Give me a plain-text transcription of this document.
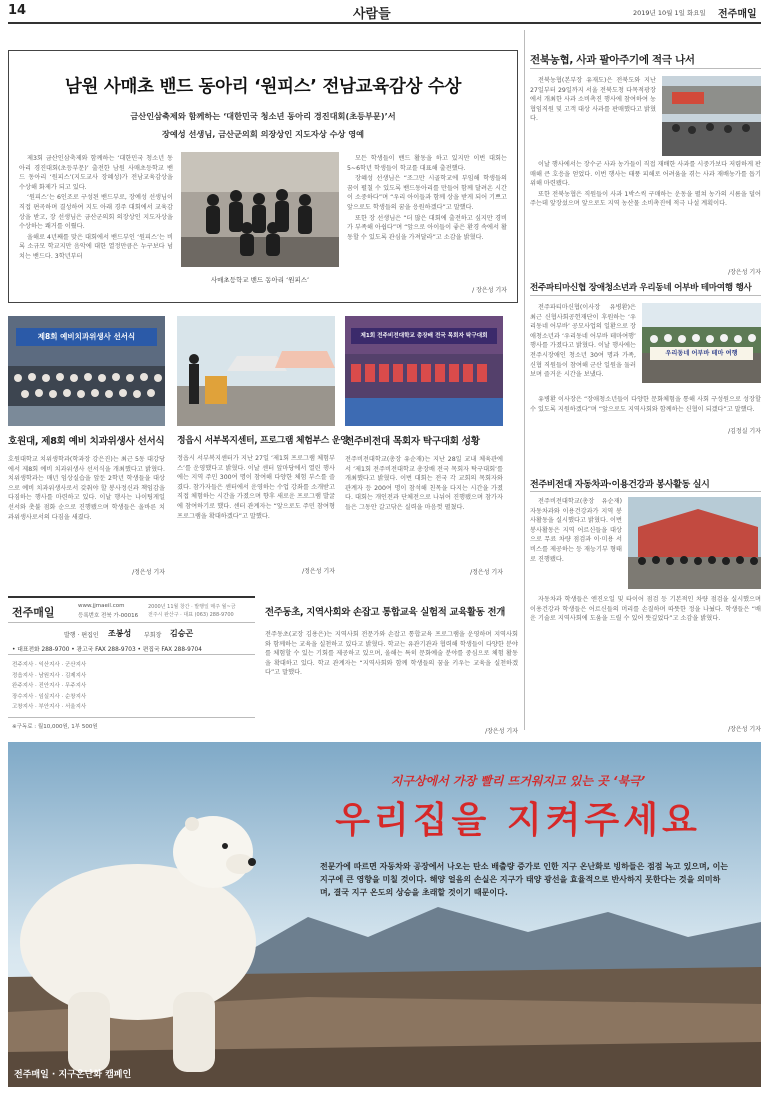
14	사람들	2019년 10월 1일 화요일 전주매일
남원 사매초 밴드 동아리 ‘원피스’ 전남교육감상 수상
금산인삼축제와 함께하는 ‘대한민국 청소년 동아리 경진대회(초등부문)’서
장예성 선생님, 금산군의회 의장상인 지도자상 수상 영예

제3회 금산인삼축제와 함께하는 ‘대한민국 청소년 동아리 경진대회(초등부문)’ 출전한 남원 사매초등학교 밴드 동아리 ‘원피스’(지도교사 장혜성)가 전남교육감상을 수상해 화제가 되고 있다.

‘원피스’는 6인조로 구성된 밴드부로, 장예성 선생님이 직접 편곡하며 결성하여 지도 아래 경주 대회에서 교육감상을 받고, 장 선생님은 금산군의회 의장상인 지도자상을 수상하는 쾌거를 이뤘다.

올해로 4년째를 맞은 대회에서 밴드부인 ‘원피스’는 비록 소규모 학교지만 음악에 대한 열정만큼은 누구보다 넘치는 밴드다. 3학년부터

사매초등학교 밴드 동아리 ‘원피스’

모든 학생들이 밴드 활동을 하고 있지만 이번 대회는 5~6학년 학생들이 학교를 대표해 출전했다.

장혜성 선생님은 “조그만 시골학교에 부임해 학생들의 꿈이 펼칠 수 있도록 밴드동아리를 만들어 함께 달려온 시간이 소중하다”며 “우리 아이들과 함께 상을 받게 되어 기쁘고 앞으로도 학생들의 꿈을 응원하겠다”고 말했다.

또한 장 선생님은 “더 많은 대회에 출전하고 싶지만 경비가 부족해 아쉽다”며 “앞으로 아이들이 좋은 환경 속에서 활동할 수 있도록 관심을 가져달라”고 소감을 밝혔다.

/ 장은성 기자
제8회 예비치과위생사 선서식	제1회 전주비전대학교 총장배 전국 목회자 탁구대회
호원대, 제8회 예비 치과위생사 선서식
호원대학교 치위생학과(학과장 강은진)는 최근 5동 대강당에서 제8회 예비 치과위생사 선서식을 개최했다고 밝혔다. 치위생학과는 매년 임상실습을 앞둔 2학년 학생들을 대상으로 예비 치과위생사로서 갖춰야 할 봉사정신과 책임감을 다짐하는 행사를 마련하고 있다. 이날 행사는 나이팅게일 선서와 촛불 점화 순으로 진행됐으며 학생들은 올바른 치과위생사로서의 다짐을 새겼다.
/정은성 기자
정읍시 서부복지센터, 프로그램 체험부스 운영
정읍시 서부복지센터가 지난 27일 ‘제1회 프로그램 체험부스’를 운영했다고 밝혔다. 이날 센터 앞마당에서 열린 행사에는 지역 주민 300여 명이 참여해 다양한 체험 부스를 즐겼다. 참가자들은 센터에서 운영하는 수업 강좌를 소개받고 직접 체험하는 시간을 가졌으며 향후 새로운 프로그램 발굴에 참여하기로 했다. 센터 관계자는 “앞으로도 주민 참여형 프로그램을 확대하겠다”고 말했다.
/정은성 기자
전주비전대 목회자 탁구대회 성황
전주비전대학교(총장 유순재)는 지난 28일 교내 체육관에서 ‘제1회 전주비전대학교 총장배 전국 목회자 탁구대회’를 개최했다고 밝혔다. 이번 대회는 전국 각 교회의 목회자와 관계자 등 200여 명이 참석해 친목을 다지는 시간을 가졌다. 대회는 개인전과 단체전으로 나뉘어 진행됐으며 참가자들은 그동안 갈고닦은 실력을 마음껏 펼쳤다.
/정은성 기자
전주매일	www.jjmaeil.com
등록번호 전북 가-00016
2000년 11월 창간 · 발행일 매주 월~금
전주시 완산구 · 대표 (063) 288-9700
발행 · 편집인 조봉성 부회장 김승곤
• 대표전화 288-9700 • 광고국 FAX 288-9703 • 편집국 FAX 288-9704
전주지사 · 익산지사 · 군산지사
정읍지사 · 남원지사 · 김제지사
완주지사 · 진안지사 · 무주지사
장수지사 · 임실지사 · 순창지사
고창지사 · 부안지사 · 서울지사
※구독료 : 월10,000원, 1부 500원
전주동초, 지역사회와 손잡고 통합교육 실험적 교육활동 전개
전주동초(교장 김용은)는 지역사회 전문가와 손잡고 통합교육 프로그램을 운영하며 지역사회와 함께하는 교육을 실천하고 있다고 밝혔다. 학교는 유관기관과 협력해 학생들이 다양한 분야를 체험할 수 있는 기회를 제공하고 있으며, 올해는 특히 문화예술 분야를 중심으로 체험 활동을 확대하고 있다. 학교 관계자는 “지역사회와 함께 학생들의 꿈을 키우는 교육을 실천하겠다”고 말했다.
/장은성 기자
전북농협, 사과 팔아주기에 적극 나서

전북농협(본부장 유재도)은 전북도와 지난 27일부터 29일까지 서울 전북도청 다목적광장에서 개최한 사과 소비촉진 행사에 참여하여 농협임직원 및 고객 대상 사과를 판매했다고 밝혔다.

이날 행사에서는 장수군 사과 농가들이 직접 재배한 사과를 시중가보다 저렴하게 판매해 큰 호응을 얻었다. 이번 행사는 태풍 피해로 어려움을 겪는 사과 재배농가를 돕기 위해 마련됐다.

또한 전북농협은 직원들이 사과 1박스씩 구매하는 운동을 펼쳐 농가의 시름을 덜어주는데 앞장섰으며 앞으로도 지역 농산물 소비촉진에 적극 나설 계획이다.

/장은성 기자
전주파티마신협 장애청소년과 우리동네 어부바 테마여행 행사
우리동네 어부바 테마 여행

전주파티마신협(이사장 유병환)은 최근 신협사회공헌재단이 후원하는 ‘우리동네 어부바’ 공모사업의 일환으로 장애청소년과 ‘우리동네 어부바 테마여행’ 행사를 가졌다고 밝혔다. 이날 행사에는 전주시장애인 청소년 30여 명과 가족, 신협 직원들이 참여해 군산 일원을 둘러보며 즐거운 시간을 보냈다.

유병환 이사장은 “장애청소년들이 다양한 문화체험을 통해 사회 구성원으로 성장할 수 있도록 지원하겠다”며 “앞으로도 지역사회와 함께하는 신협이 되겠다”고 말했다.

/김정실 기자
전주비전대 자동차과·이용건강과 봉사활동 실시

전주비전대학교(총장 유순재) 자동차과와 이용건강과가 지역 봉사활동을 실시했다고 밝혔다. 이번 봉사활동은 지역 어르신들을 대상으로 무료 차량 점검과 이·미용 서비스를 제공하는 등 재능기부 형태로 진행됐다.

자동차과 학생들은 엔진오일 및 타이어 점검 등 기본적인 차량 점검을 실시했으며 이용건강과 학생들은 어르신들의 머리를 손질하며 따뜻한 정을 나눴다. 학생들은 “배운 기술로 지역사회에 도움을 드릴 수 있어 뜻깊었다”고 소감을 밝혔다.

/장은성 기자
지구상에서 가장 빨리 뜨거워지고 있는 곳 ‘북극’
우리집을 지켜주세요
전문가에 따르면 자동차와 공장에서 나오는 탄소 배출량 증가로 인한 지구 온난화로 빙하들은 점점 녹고 있으며, 이는 지구에 큰 영향을 미칠 것이다. 해양 얼음의 손실은 지구가 태양 광선을 효율적으로 반사하지 못한다는 것을 의미하며, 결국 지구 온도의 상승을 초래할 것이기 때문이다.
전주매일 · 지구온난화 캠페인
